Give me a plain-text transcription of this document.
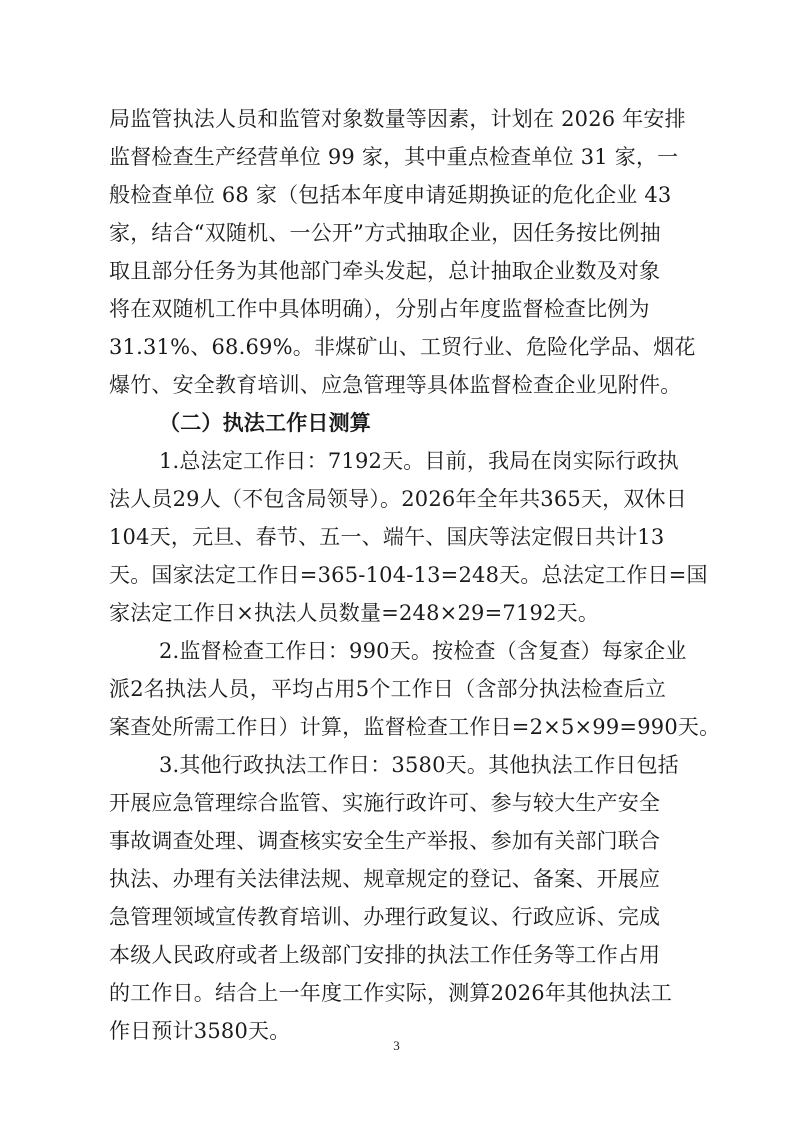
局监管执法人员和监管对象数量等因素，计划在 2026 年安排
监督检查生产经营单位 99 家，其中重点检查单位 31 家，一
般检查单位 68 家（包括本年度申请延期换证的危化企业 43
家，结合“双随机、一公开”方式抽取企业，因任务按比例抽
取且部分任务为其他部门牵头发起，总计抽取企业数及对象
将在双随机工作中具体明确），分别占年度监督检查比例为
31.31%、68.69%。非煤矿山、工贸行业、危险化学品、烟花
爆竹、安全教育培训、应急管理等具体监督检查企业见附件。
（二）执法工作日测算
1.总法定工作日：7192天。目前，我局在岗实际行政执
法人员29人（不包含局领导）。2026年全年共365天，双休日
104天，元旦、春节、五一、端午、国庆等法定假日共计13
天。国家法定工作日=365-104-13=248天。总法定工作日=国
家法定工作日×执法人员数量=248×29=7192天。
2.监督检查工作日：990天。按检查（含复查）每家企业
派2名执法人员，平均占用5个工作日（含部分执法检查后立
案查处所需工作日）计算，监督检查工作日=2×5×99=990天。
3.其他行政执法工作日：3580天。其他执法工作日包括
开展应急管理综合监管、实施行政许可、参与较大生产安全
事故调查处理、调查核实安全生产举报、参加有关部门联合
执法、办理有关法律法规、规章规定的登记、备案、开展应
急管理领域宣传教育培训、办理行政复议、行政应诉、完成
本级人民政府或者上级部门安排的执法工作任务等工作占用
的工作日。结合上一年度工作实际，测算2026年其他执法工
作日预计3580天。
3
